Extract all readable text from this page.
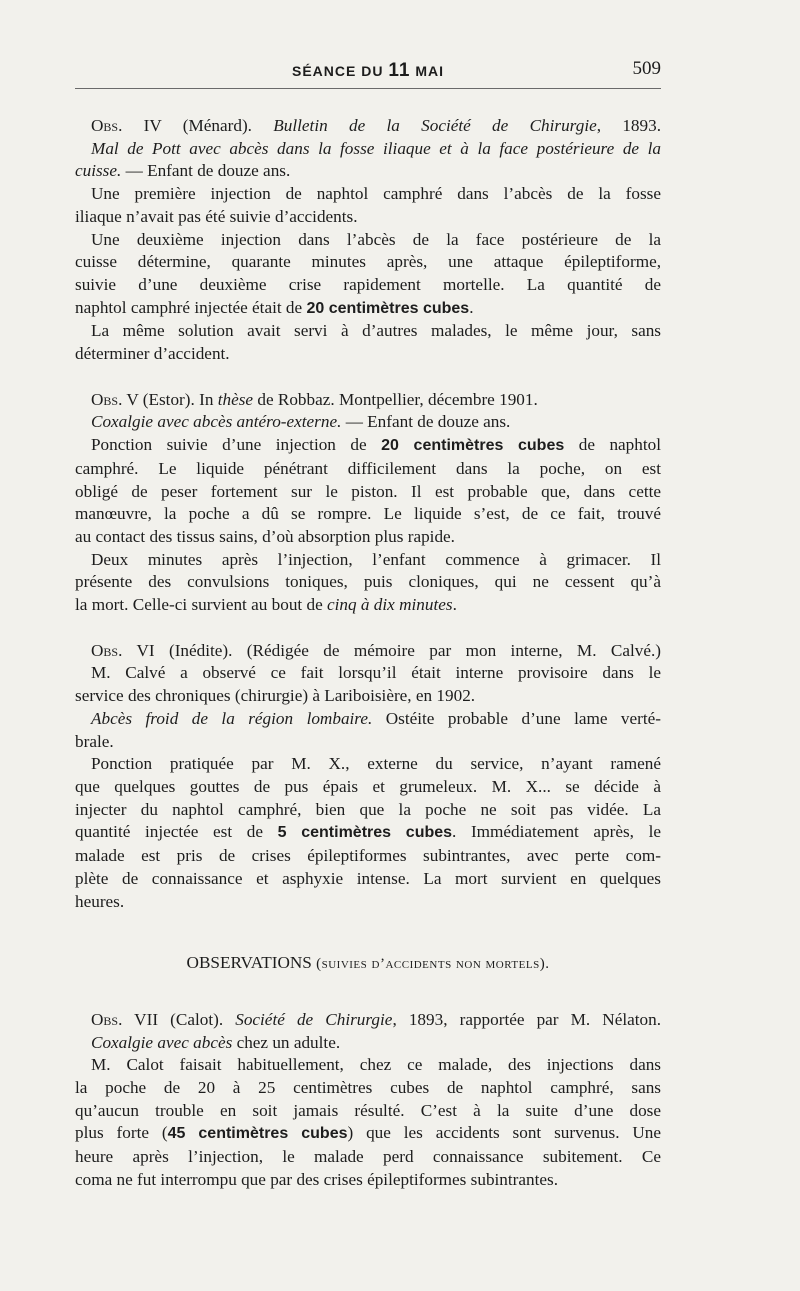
SÉANCE DU 11 MAI	509
Obs. IV (Ménard). Bulletin de la Société de Chirurgie, 1893.
Mal de Pott avec abcès dans la fosse iliaque et à la face postérieure de la
cuisse. — Enfant de douze ans.
Une première injection de naphtol camphré dans l’abcès de la fosse
iliaque n’avait pas été suivie d’accidents.
Une deuxième injection dans l’abcès de la face postérieure de la
cuisse détermine, quarante minutes après, une attaque épileptiforme,
suivie d’une deuxième crise rapidement mortelle. La quantité de
naphtol camphré injectée était de 20 centimètres cubes.
La même solution avait servi à d’autres malades, le même jour, sans
déterminer d’accident.
Obs. V (Estor). In thèse de Robbaz. Montpellier, décembre 1901.
Coxalgie avec abcès antéro-externe. — Enfant de douze ans.
Ponction suivie d’une injection de 20 centimètres cubes de naphtol
camphré. Le liquide pénétrant difficilement dans la poche, on est
obligé de peser fortement sur le piston. Il est probable que, dans cette
manœuvre, la poche a dû se rompre. Le liquide s’est, de ce fait, trouvé
au contact des tissus sains, d’où absorption plus rapide.
Deux minutes après l’injection, l’enfant commence à grimacer. Il
présente des convulsions toniques, puis cloniques, qui ne cessent qu’à
la mort. Celle-ci survient au bout de cinq à dix minutes.
Obs. VI (Inédite). (Rédigée de mémoire par mon interne, M. Calvé.)
M. Calvé a observé ce fait lorsqu’il était interne provisoire dans le
service des chroniques (chirurgie) à Lariboisière, en 1902.
Abcès froid de la région lombaire. Ostéite probable d’une lame verté-
brale.
Ponction pratiquée par M. X., externe du service, n’ayant ramené
que quelques gouttes de pus épais et grumeleux. M. X... se décide à
injecter du naphtol camphré, bien que la poche ne soit pas vidée. La
quantité injectée est de 5 centimètres cubes. Immédiatement après, le
malade est pris de crises épileptiformes subintrantes, avec perte com-
plète de connaissance et asphyxie intense. La mort survient en quelques
heures.
OBSERVATIONS (suivies d’accidents non mortels).
Obs. VII (Calot). Société de Chirurgie, 1893, rapportée par M. Nélaton.
Coxalgie avec abcès chez un adulte.
M. Calot faisait habituellement, chez ce malade, des injections dans
la poche de 20 à 25 centimètres cubes de naphtol camphré, sans
qu’aucun trouble en soit jamais résulté. C’est à la suite d’une dose
plus forte (45 centimètres cubes) que les accidents sont survenus. Une
heure après l’injection, le malade perd connaissance subitement. Ce
coma ne fut interrompu que par des crises épileptiformes subintrantes.
